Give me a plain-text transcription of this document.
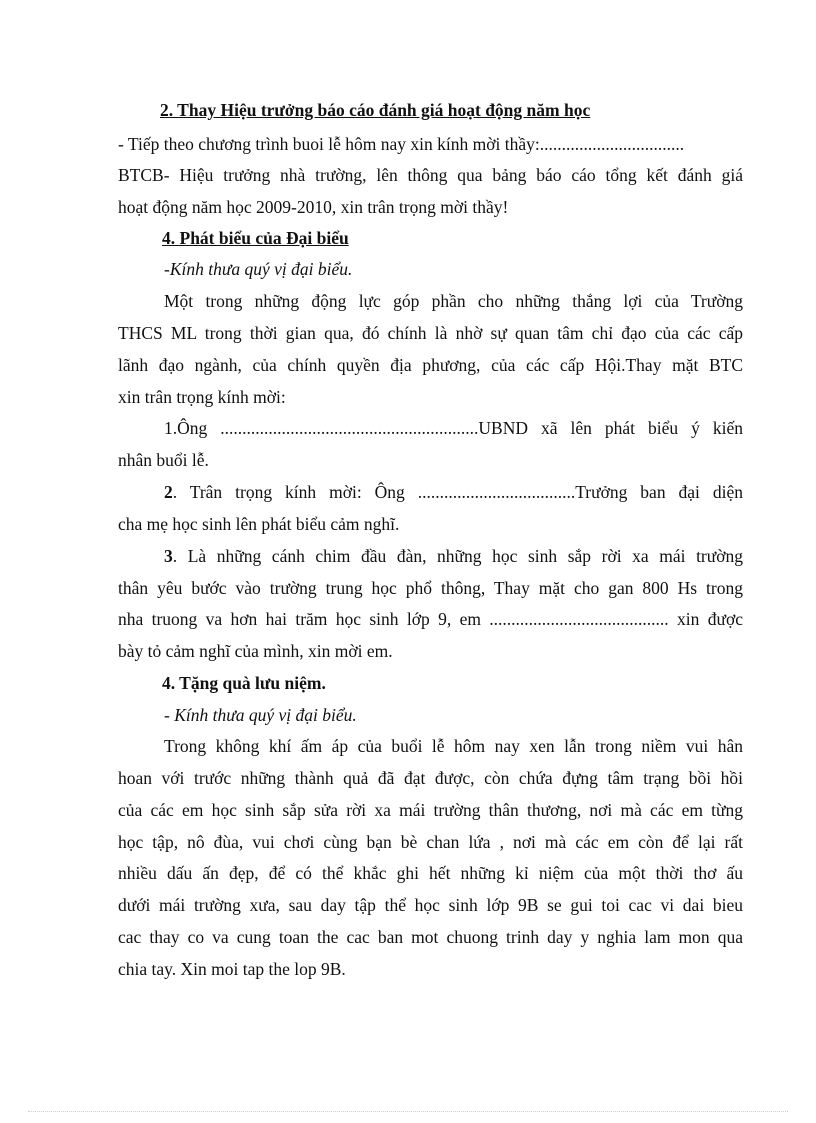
2. Thay Hiệu trưởng báo cáo đánh giá hoạt động năm học
- Tiếp theo chương trình buoi lễ hôm nay xin kính mời thầy:.................................
BTCB- Hiệu trưởng nhà trường, lên thông qua bảng báo cáo tổng kết đánh giá
hoạt động năm học 2009-2010, xin trân trọng mời thầy!
4. Phát biểu của Đại biểu
-Kính thưa quý vị đại biểu.
Một trong những động lực góp phần cho những thắng lợi của Trường
THCS ML trong thời gian qua, đó chính là nhờ sự quan tâm chỉ đạo của các cấp
lãnh đạo ngành, của chính quyền địa phương, của các cấp Hội.Thay mặt BTC
xin trân trọng kính mời:
1.Ông ...........................................................UBND xã lên phát biểu ý kiến
nhân buổi lễ.
2. Trân trọng kính mời: Ông ....................................Trưởng ban đại diện
cha mẹ học sinh lên phát biểu cảm nghĩ.
3. Là những cánh chim đầu đàn, những học sinh sắp rời xa mái trường
thân yêu bước vào trường trung học phổ thông, Thay mặt cho gan 800 Hs trong
nha truong va hơn hai trăm học sinh lớp 9, em ......................................... xin được
bày tỏ cảm nghĩ của mình, xin mời em.
4. Tặng quà lưu niệm.
- Kính thưa quý vị đại biểu.
Trong không khí ấm áp của buổi lễ hôm nay xen lẫn trong niềm vui hân
hoan với trước những thành quả đã đạt được, còn chứa đựng tâm trạng bồi hồi
của các em học sinh sắp sửa rời xa mái trường thân thương, nơi mà các em từng
học tập, nô đùa, vui chơi cùng bạn bè chan lứa , nơi mà các em còn để lại rất
nhiều dấu ấn đẹp, để có thể khắc ghi hết những kỉ niệm của một thời thơ ấu
dưới mái trường xưa, sau day tập thể học sinh lớp 9B se gui toi cac vi dai bieu
cac thay co va cung toan the cac ban mot chuong trinh day y nghia lam mon qua
chia tay. Xin moi tap the lop 9B.
